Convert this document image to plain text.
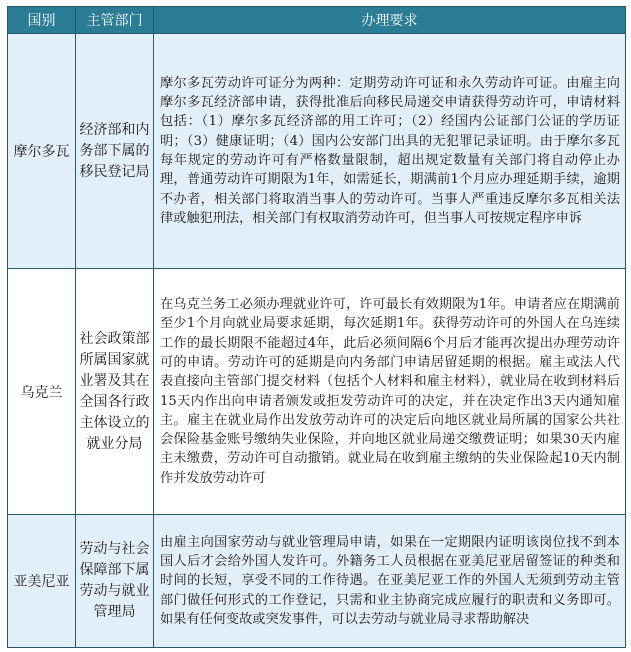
国别	主管部门	办理要求
摩尔多瓦	经济部和内务部下属的移民登记局	摩尔多瓦劳动许可证分为两种：定期劳动许可证和永久劳动许可证。由雇主向摩尔多瓦经济部申请，获得批准后向移民局递交申请获得劳动许可，申请材料包括：（1）摩尔多瓦经济部的用工许可；（2）经国内公证部门公证的学历证明；（3）健康证明；（4）国内公安部门出具的无犯罪记录证明。由于摩尔多瓦每年规定的劳动许可有严格数量限制，超出规定数量有关部门将自动停止办理，普通劳动许可期限为1年，如需延长，期满前1个月应办理延期手续，逾期不办者，相关部门将取消当事人的劳动许可。当事人严重违反摩尔多瓦相关法律或触犯刑法，相关部门有权取消劳动许可，但当事人可按规定程序申诉
乌克兰	社会政策部所属国家就业署及其在全国各行政主体设立的就业分局	在乌克兰务工必须办理就业许可，许可最长有效期限为1年。申请者应在期满前至少1个月向就业局要求延期，每次延期1年。获得劳动许可的外国人在乌连续工作的最长期限不能超过4年，此后必须间隔6个月后才能再次提出办理劳动许可的申请。劳动许可的延期是向内务部门申请居留延期的根据。雇主或法人代表直接向主管部门提交材料（包括个人材料和雇主材料），就业局在收到材料后15天内作出向申请者颁发或拒发劳动许可的决定，并在决定作出3天内通知雇主。雇主在就业局作出发放劳动许可的决定后向地区就业局所属的国家公共社会保险基金账号缴纳失业保险，并向地区就业局递交缴费证明；如果30天内雇主未缴费，劳动许可自动撤销。就业局在收到雇主缴纳的失业保险起10天内制作并发放劳动许可
亚美尼亚	劳动与社会保障部下属劳动与就业管理局	由雇主向国家劳动与就业管理局申请，如果在一定期限内证明该岗位找不到本国人后才会给外国人发许可。外籍务工人员根据在亚美尼亚居留签证的种类和时间的长短，享受不同的工作待遇。在亚美尼亚工作的外国人无须到劳动主管部门做任何形式的工作登记，只需和业主协商完成应履行的职责和义务即可。如果有任何变故或突发事件，可以去劳动与就业局寻求帮助解决
